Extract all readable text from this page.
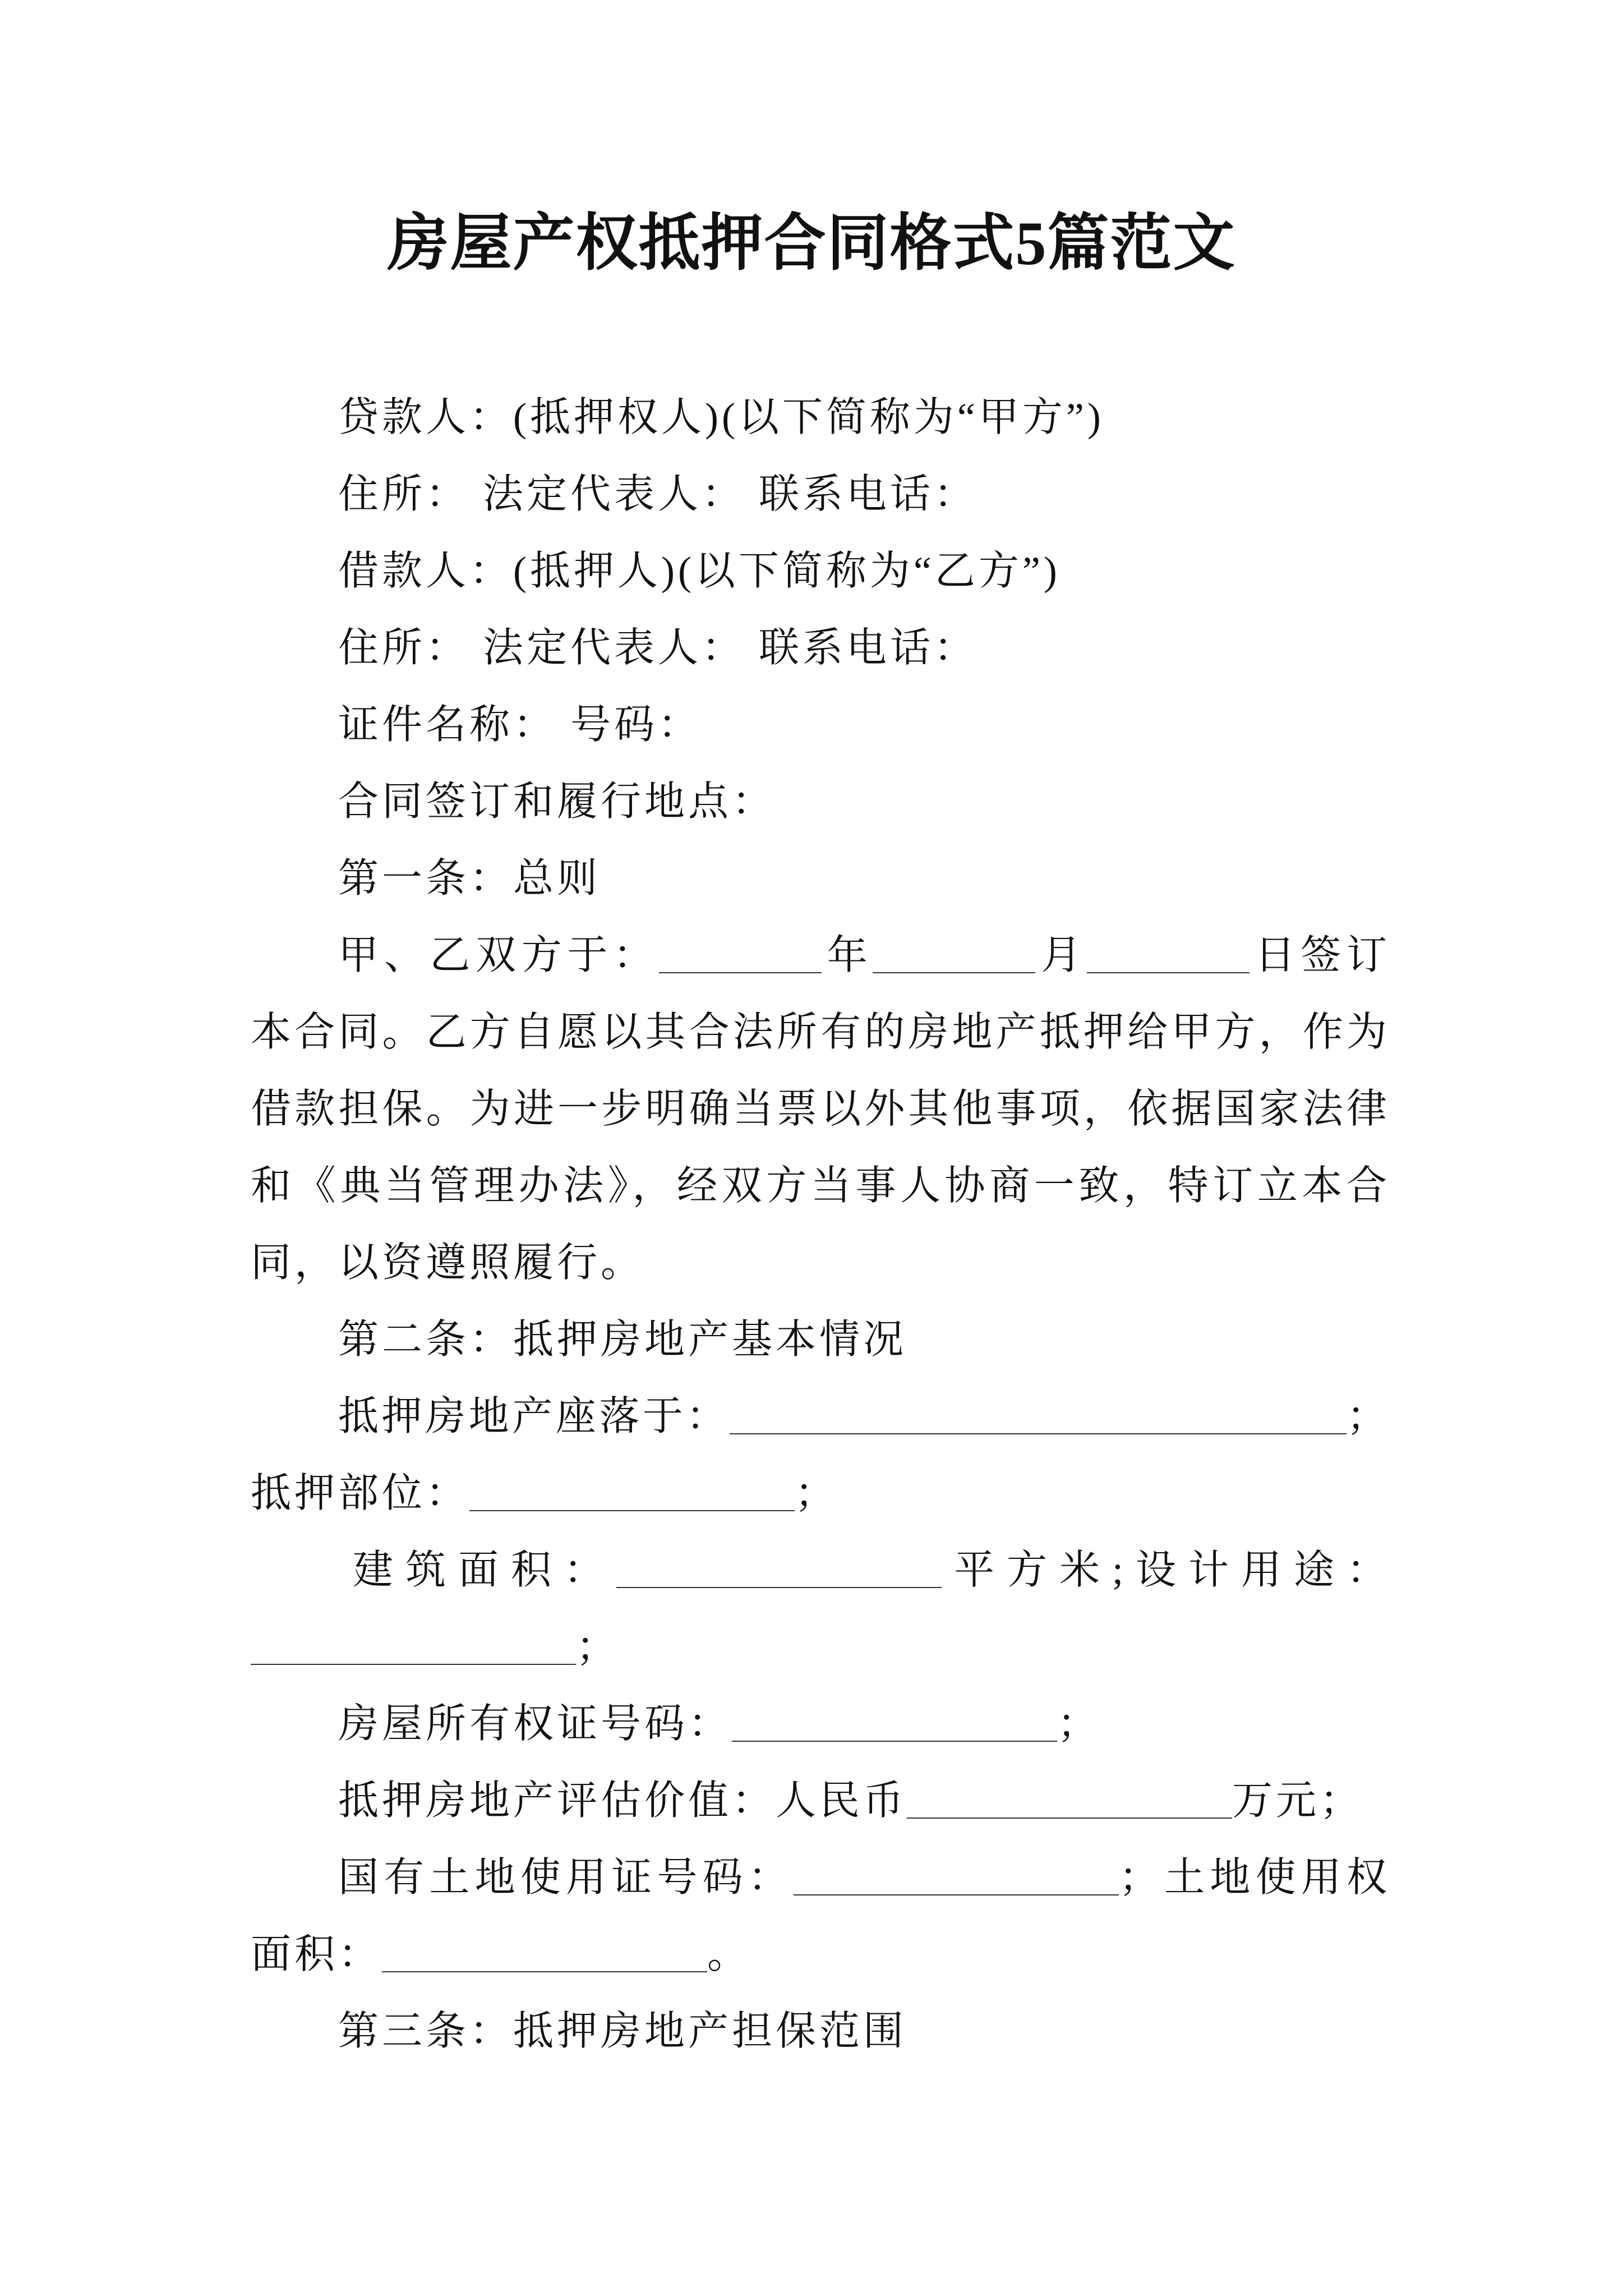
房屋产权抵押合同格式5篇范文
贷款人：(抵押权人)(以下简称为“甲方”)
住所： 法定代表人： 联系电话：
借款人：(抵押人)(以下简称为“乙方”)
住所： 法定代表人： 联系电话：
证件名称： 号码：
合同签订和履行地点：
第一条：总则
甲、乙双方于：	年	月	日签订
本合同。乙方自愿以其合法所有的房地产抵押给甲方，作为
借款担保。为进一步明确当票以外其他事项，依据国家法律
和《典当管理办法》，经双方当事人协商一致，特订立本合
同，以资遵照履行。
第二条：抵押房地产基本情况
抵押房地产座落于：	；
抵押部位：	；
建筑面积：	平方米;设计用途：
；
房屋所有权证号码：	；
抵押房地产评估价值：人民币	万元；
国有土地使用证号码：	；土地使用权
面积：	。
第三条：抵押房地产担保范围
